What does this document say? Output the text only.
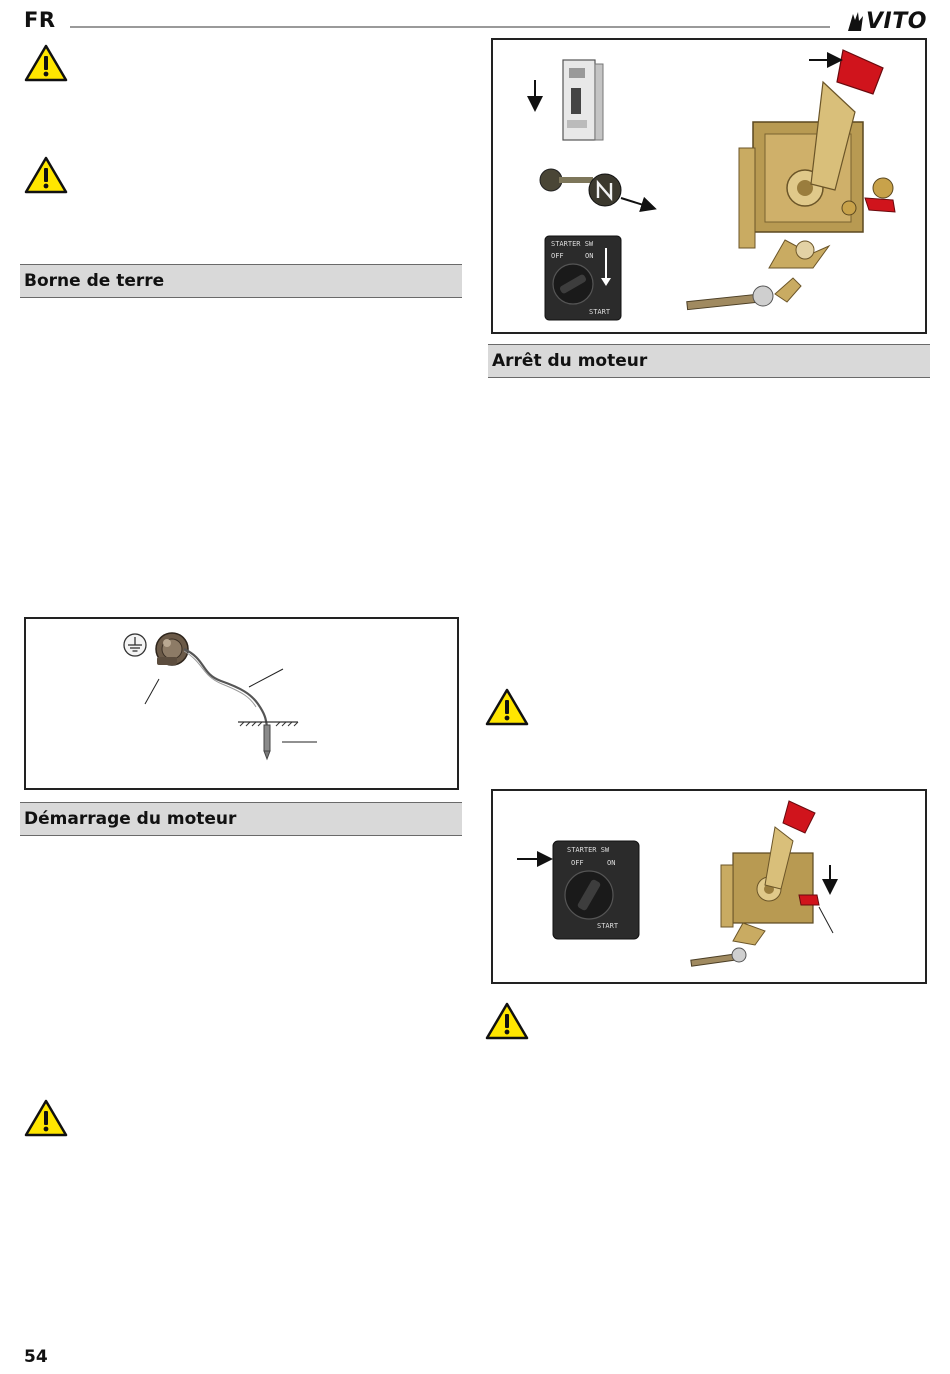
FR	VITO
Borne de terre
Démarrage du moteur
STARTER SW
OFF	ON
START
Arrêt du moteur
STARTER SW
OFF	ON
START
54
